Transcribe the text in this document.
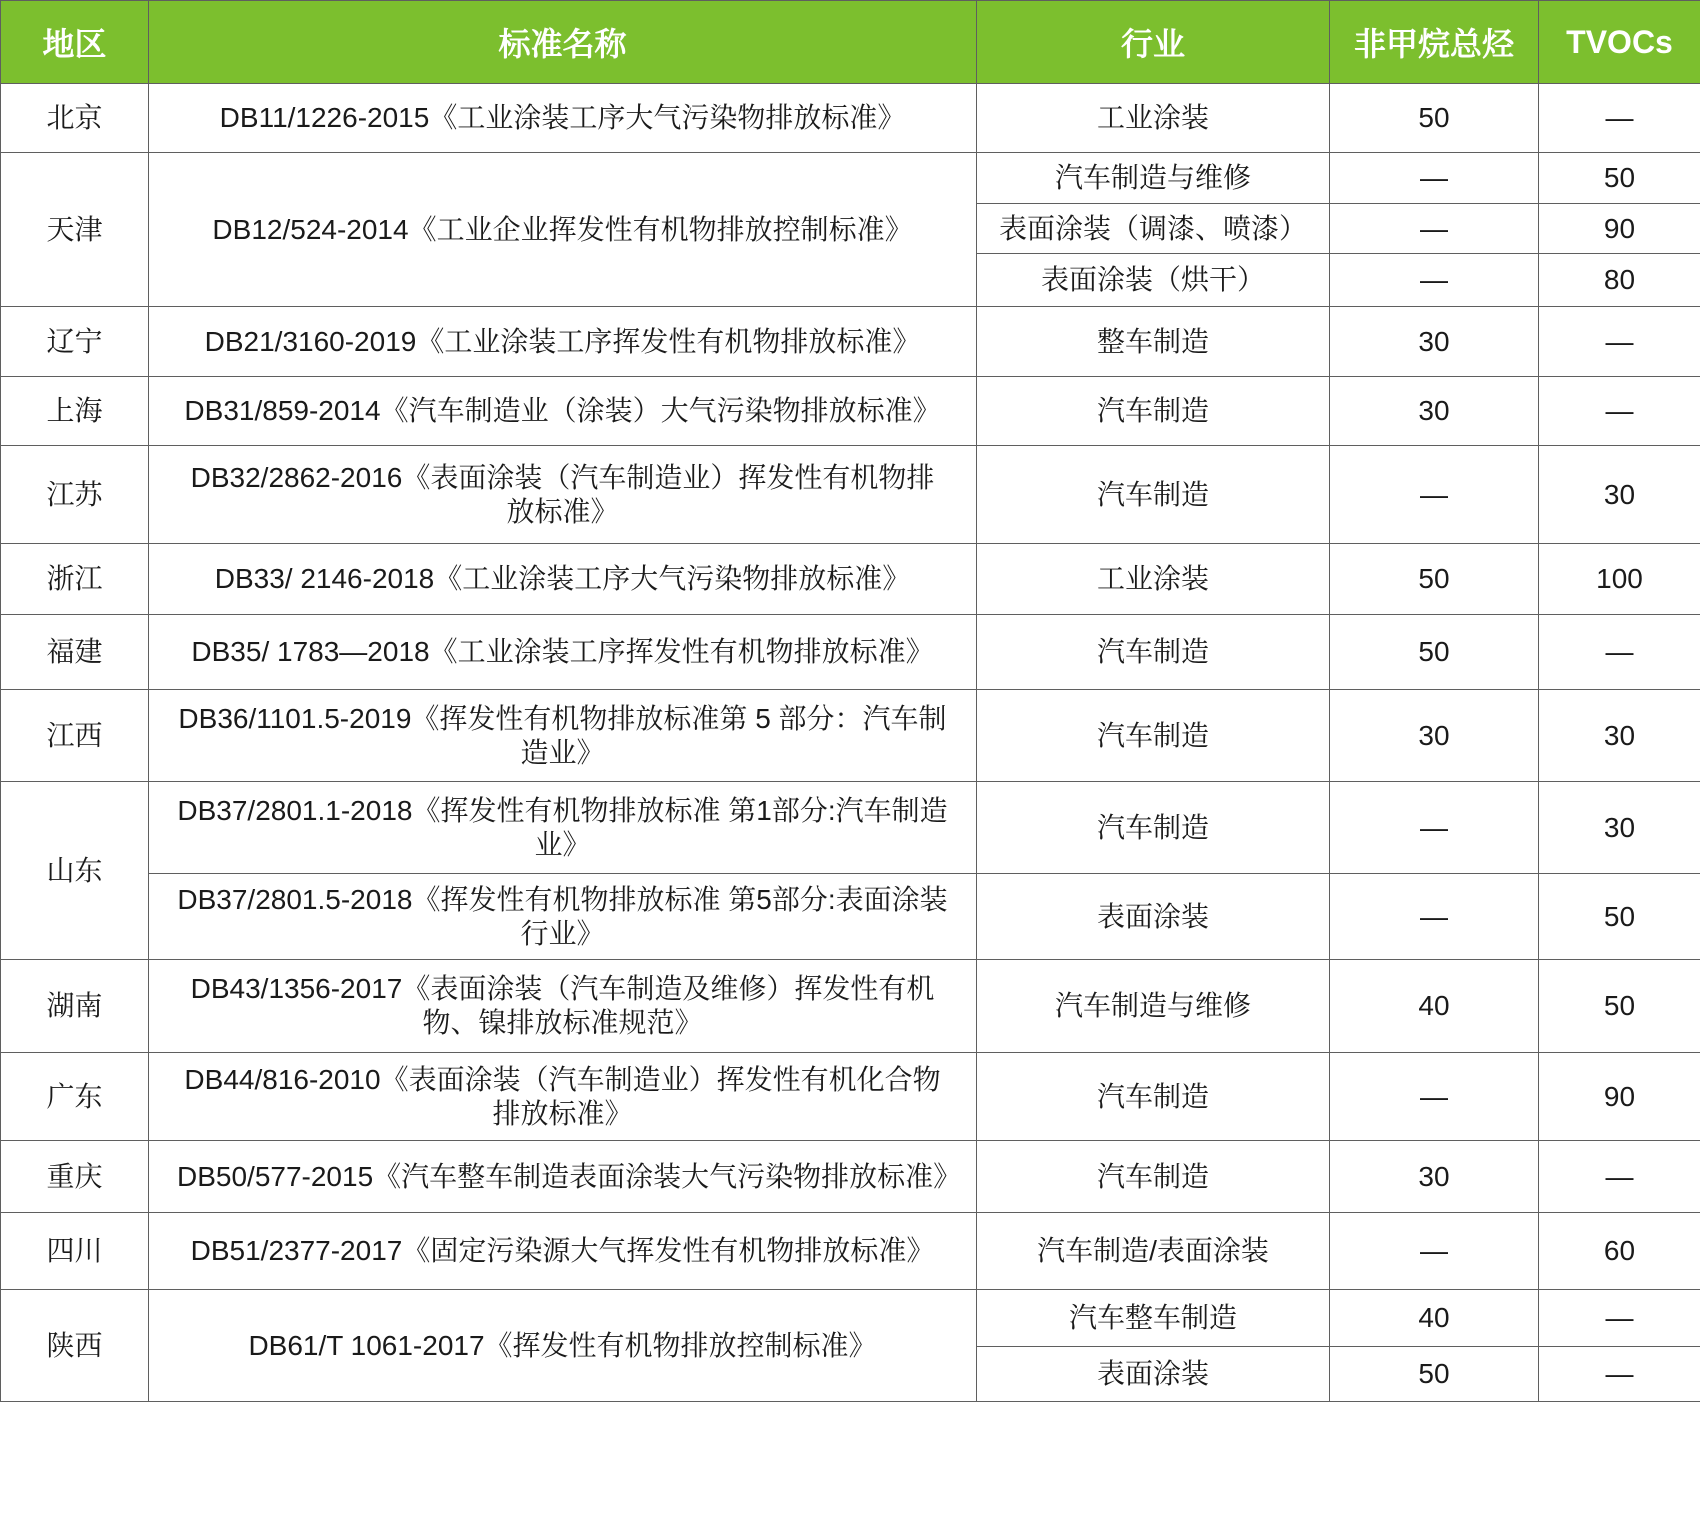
地区	标准名称	行业	非甲烷总烃	TVOCs
北京	DB11/1226-2015《工业涂装工序大气污染物排放标准》	工业涂装	50	—
天津	DB12/524-2014《工业企业挥发性有机物排放控制标准》	汽车制造与维修	—	50
		表面涂装（调漆、喷漆）	—	90
		表面涂装（烘干）	—	80
辽宁	DB21/3160-2019《工业涂装工序挥发性有机物排放标准》	整车制造	30	—
上海	DB31/859-2014《汽车制造业（涂装）大气污染物排放标准》	汽车制造	30	—
江苏	DB32/2862-2016《表面涂装（汽车制造业）挥发性有机物排放标准》	汽车制造	—	30
浙江	DB33/ 2146-2018《工业涂装工序大气污染物排放标准》	工业涂装	50	100
福建	DB35/ 1783—2018《工业涂装工序挥发性有机物排放标准》	汽车制造	50	—
江西	DB36/1101.5-2019《挥发性有机物排放标准第 5 部分：汽车制造业》	汽车制造	30	30
山东	DB37/2801.1-2018《挥发性有机物排放标准 第1部分:汽车制造业》	汽车制造	—	30
	DB37/2801.5-2018《挥发性有机物排放标准 第5部分:表面涂装行业》	表面涂装	—	50
湖南	DB43/1356-2017《表面涂装（汽车制造及维修）挥发性有机物、镍排放标准规范》	汽车制造与维修	40	50
广东	DB44/816-2010《表面涂装（汽车制造业）挥发性有机化合物排放标准》	汽车制造	—	90
重庆	DB50/577-2015《汽车整车制造表面涂装大气污染物排放标准》	汽车制造	30	—
四川	DB51/2377-2017《固定污染源大气挥发性有机物排放标准》	汽车制造/表面涂装	—	60
陕西	DB61/T 1061-2017《挥发性有机物排放控制标准》	汽车整车制造	40	—
		表面涂装	50	—
